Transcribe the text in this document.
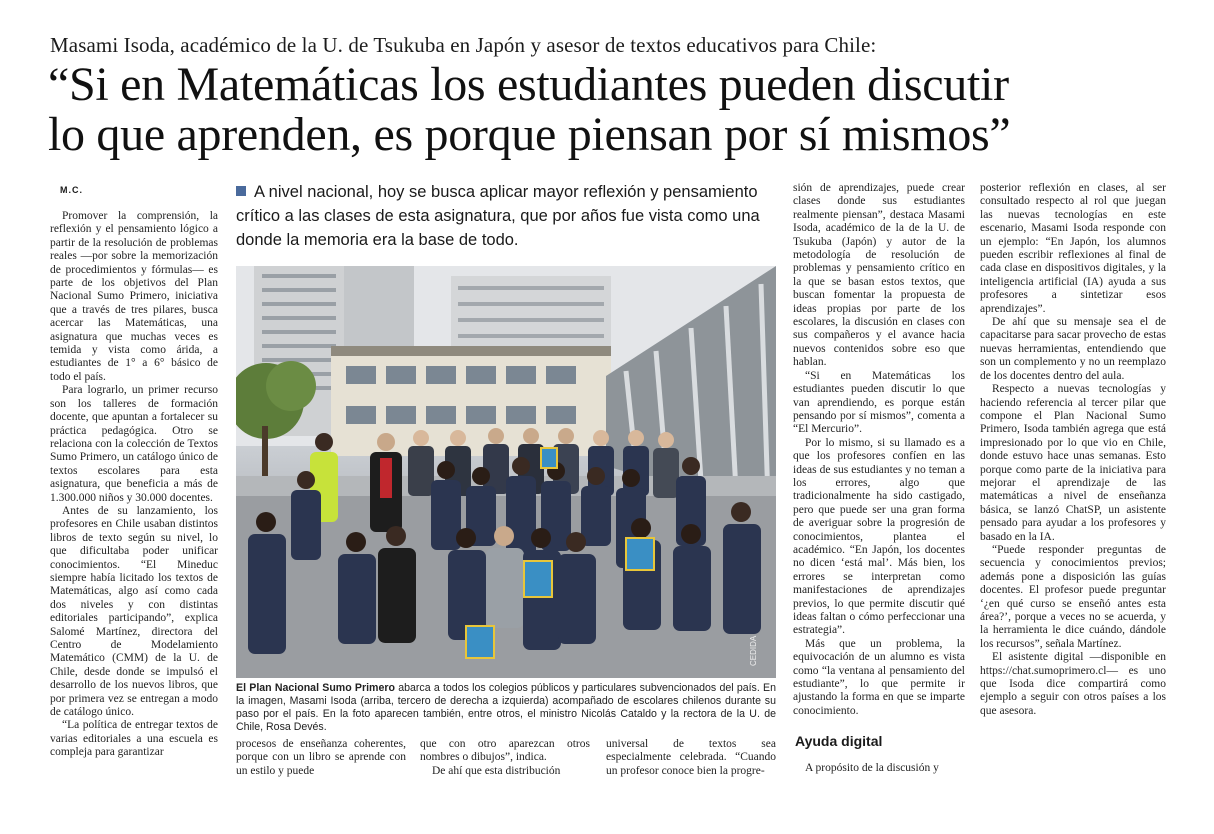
Masami Isoda, académico de la U. de Tsukuba en Japón y asesor de textos educativos para Chile:
“Si en Matemáticas los estudiantes pueden discutir
lo que aprenden, es porque piensan por sí mismos”
M.C.

Promover la comprensión, la reflexión y el pensamiento lógico a partir de la resolución de problemas reales —por sobre la memorización de procedimientos y fórmulas— es parte de los objetivos del Plan Nacional Sumo Primero, iniciativa que a través de tres pilares, busca acercar las Matemáticas, una asignatura que muchas veces es temida y vista como árida, a estudiantes de 1° a 6° básico de todo el país.

Para lograrlo, un primer recurso son los talleres de formación docente, que apuntan a fortalecer su práctica pedagógica. Otro se relaciona con la colección de Textos Sumo Primero, un catálogo único de textos escolares para esta asignatura, que beneficia a más de 1.300.000 niños y 30.000 docentes.

Antes de su lanzamiento, los profesores en Chile usaban distintos libros de texto según su nivel, lo que dificultaba poder unificar conocimientos. “El Mineduc siempre había licitado los textos de Matemáticas, algo así como cada dos niveles y con distintas editoriales participando”, explica Salomé Martínez, directora del Centro de Modelamiento Matemático (CMM) de la U. de Chile, desde donde se impulsó el desarrollo de los nuevos libros, que por primera vez se entregan a modo de catálogo único.

“La política de entregar textos de varias editoriales a una escuela es compleja para garantizar

A nivel nacional, hoy se busca aplicar mayor reflexión y pensamiento crítico a las clases de esta asignatura, que por años fue vista como una donde la memoria era la base de todo.
CEDIDA
El Plan Nacional Sumo Primero abarca a todos los colegios públicos y particulares subvencionados del país. En la imagen, Masami Isoda (arriba, tercero de derecha a izquierda) acompañado de escolares chilenos durante su paso por el país. En la foto aparecen también, entre otros, el ministro Nicolás Cataldo y la rectora de la U. de Chile, Rosa Devés.

procesos de enseñanza coherentes, porque con un libro se aprende con un estilo y puede

que con otro aparezcan otros nombres o dibujos”, indica.

De ahí que esta distribución

universal de textos sea especialmente celebrada. “Cuando un profesor conoce bien la progre-

sión de aprendizajes, puede crear clases donde sus estudiantes realmente piensan”, destaca Masami Isoda, académico de la de la U. de Tsukuba (Japón) y autor de la metodología de resolución de problemas y pensamiento crítico en la que se basan estos textos, que buscan fomentar la propuesta de ideas propias por parte de los escolares, la discusión en clases con sus compañeros y el avance hacia nuevos contenidos sobre eso que hablan.

“Si en Matemáticas los estudiantes pueden discutir lo que van aprendiendo, es porque están pensando por sí mismos”, comenta a “El Mercurio”.

Por lo mismo, si su llamado es a que los profesores confíen en las ideas de sus estudiantes y no teman a los errores, algo que tradicionalmente ha sido castigado, pero que puede ser una gran forma de averiguar sobre la progresión de conocimientos, plantea el académico. “En Japón, los docentes no dicen ‘está mal’. Más bien, los errores se interpretan como manifestaciones de aprendizajes previos, lo que permite discutir qué ideas faltan o cómo perfeccionar una estrategia”.

Más que un problema, la equivocación de un alumno es vista como “la ventana al pensamiento del estudiante”, lo que permite ir ajustando la forma en que se imparte conocimiento.

Ayuda digital

A propósito de la discusión y

posterior reflexión en clases, al ser consultado respecto al rol que juegan las nuevas tecnologías en este escenario, Masami Isoda responde con un ejemplo: “En Japón, los alumnos pueden escribir reflexiones al final de cada clase en dispositivos digitales, y la inteligencia artificial (IA) ayuda a sus profesores a sintetizar esos aprendizajes”.

De ahí que su mensaje sea el de capacitarse para sacar provecho de estas nuevas herramientas, entendiendo que son un complemento y no un reemplazo de los docentes dentro del aula.

Respecto a nuevas tecnologías y haciendo referencia al tercer pilar que compone el Plan Nacional Sumo Primero, Isoda también agrega que está impresionado por lo que vio en Chile, donde estuvo hace unas semanas. Esto porque como parte de la iniciativa para mejorar el aprendizaje de las matemáticas a nivel de enseñanza básica, se lanzó ChatSP, un asistente pensado para ayudar a los profesores y basado en la IA.

“Puede responder preguntas de secuencia y conocimientos previos; además pone a disposición las guías docentes. El profesor puede preguntar ‘¿en qué curso se enseñó antes esta área?’, porque a veces no se acuerda, y la herramienta le dice cuándo, dándole los recursos”, señala Martínez.

El asistente digital —disponible en https://chat.sumoprimero.cl— es uno que Isoda dice compartirá como ejemplo a seguir con otros países a los que asesora.
